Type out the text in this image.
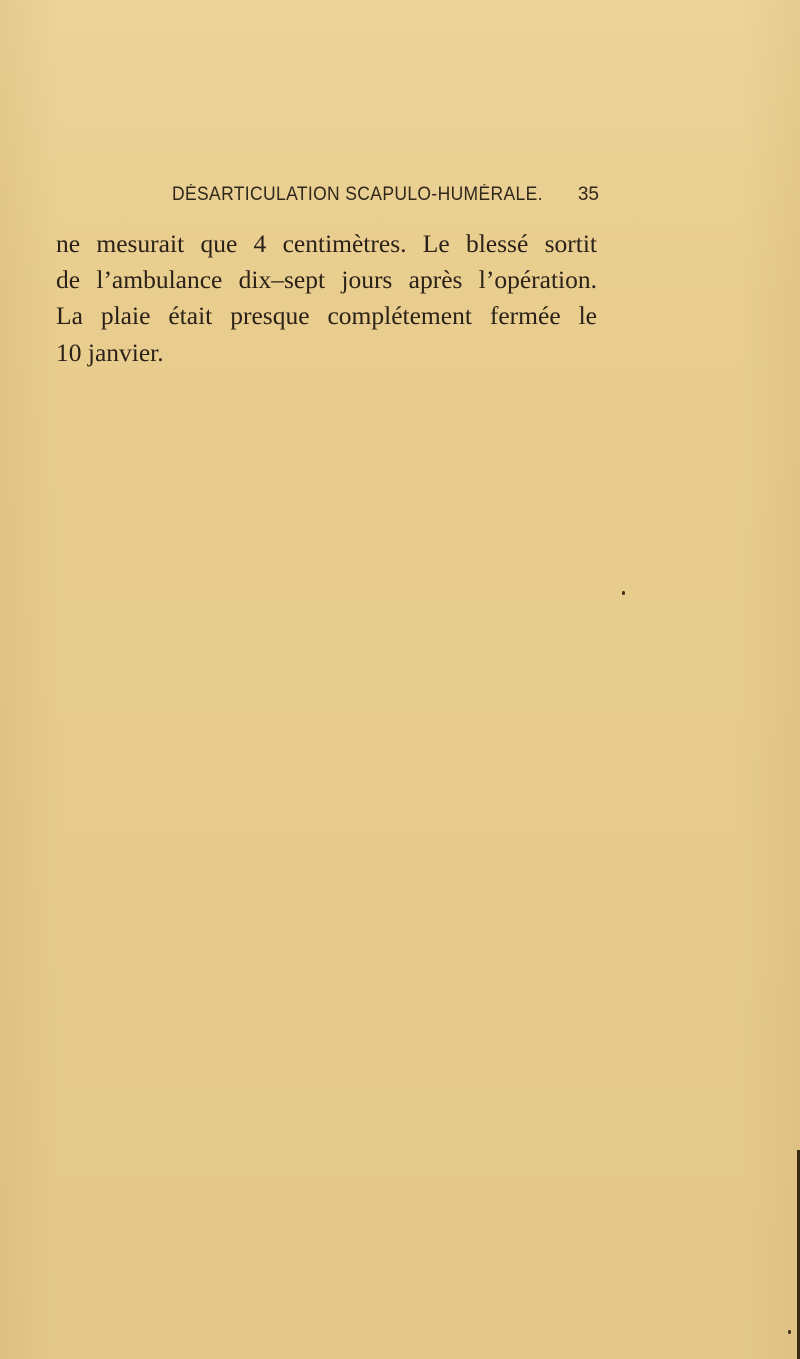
DÉSARTICULATION SCAPULO-HUMÉRALE. 35
ne mesurait que 4 centimètres. Le blessé sortit
de l’ambulance dix–sept jours après l’opération.
La plaie était presque complétement fermée le
10 janvier.
